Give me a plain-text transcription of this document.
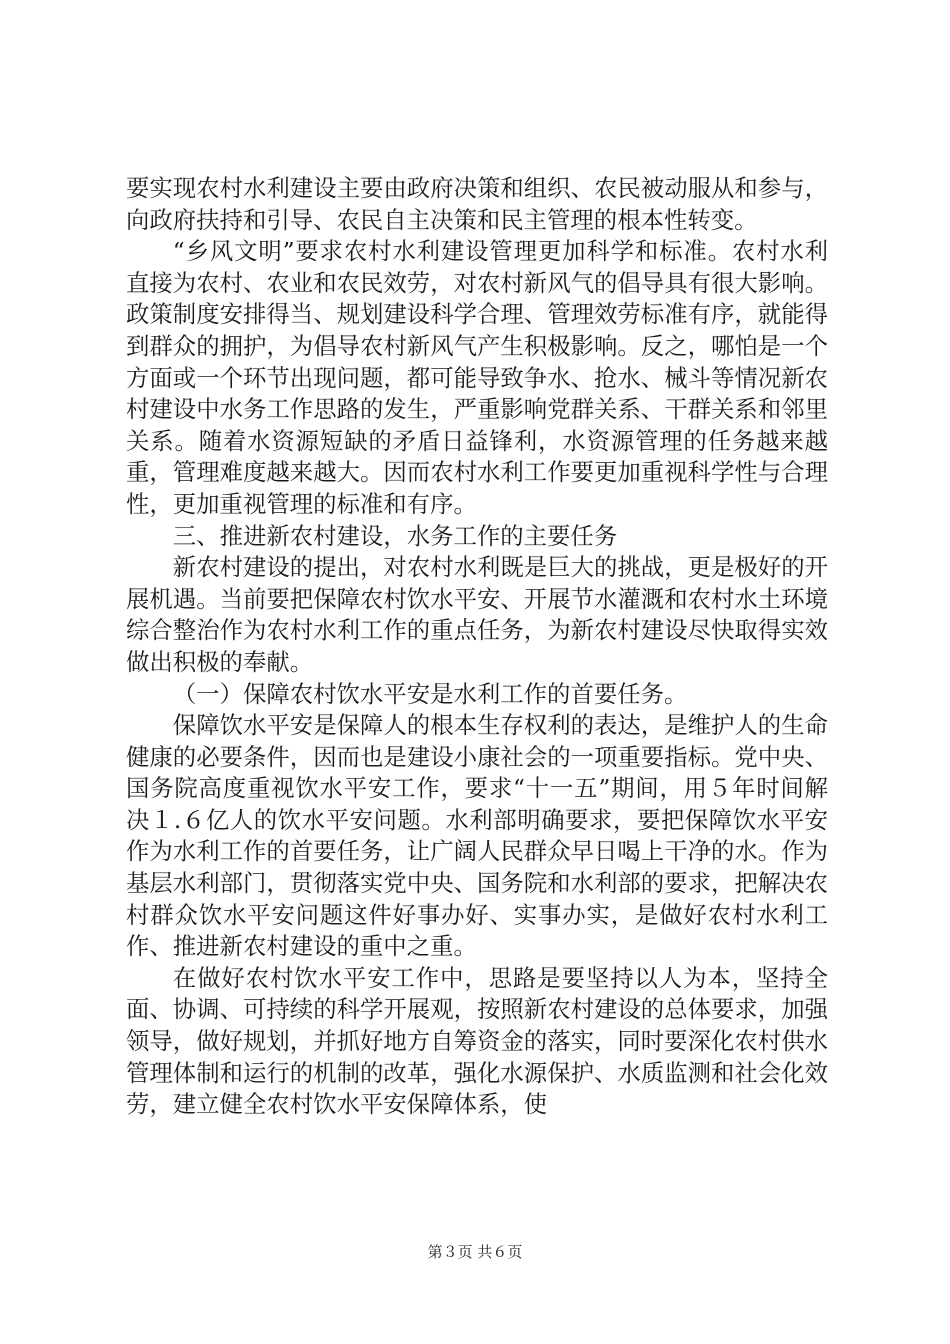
要实现农村水利建设主要由政府决策和组织、农民被动服从和参与，向政府扶持和引导、农民自主决策和民主管理的根本性转变。

“乡风文明”要求农村水利建设管理更加科学和标准。农村水利直接为农村、农业和农民效劳，对农村新风气的倡导具有很大影响。政策制度安排得当、规划建设科学合理、管理效劳标准有序，就能得到群众的拥护，为倡导农村新风气产生积极影响。反之，哪怕是一个方面或一个环节出现问题，都可能导致争水、抢水、械斗等情况新农村建设中水务工作思路的发生，严重影响党群关系、干群关系和邻里关系。随着水资源短缺的矛盾日益锋利，水资源管理的任务越来越重，管理难度越来越大。因而农村水利工作要更加重视科学性与合理性，更加重视管理的标准和有序。

三、推进新农村建设，水务工作的主要任务

新农村建设的提出，对农村水利既是巨大的挑战，更是极好的开展机遇。当前要把保障农村饮水平安、开展节水灌溉和农村水土环境综合整治作为农村水利工作的重点任务，为新农村建设尽快取得实效做出积极的奉献。

（一）保障农村饮水平安是水利工作的首要任务。

保障饮水平安是保障人的根本生存权利的表达，是维护人的生命健康的必要条件，因而也是建设小康社会的一项重要指标。党中央、国务院高度重视饮水平安工作，要求“十一五”期间，用５年时间解决１.６亿人的饮水平安问题。水利部明确要求，要把保障饮水平安作为水利工作的首要任务，让广阔人民群众早日喝上干净的水。作为基层水利部门，贯彻落实党中央、国务院和水利部的要求，把解决农村群众饮水平安问题这件好事办好、实事办实，是做好农村水利工作、推进新农村建设的重中之重。

在做好农村饮水平安工作中，思路是要坚持以人为本，坚持全面、协调、可持续的科学开展观，按照新农村建设的总体要求，加强领导，做好规划，并抓好地方自筹资金的落实，同时要深化农村供水管理体制和运行的机制的改革，强化水源保护、水质监测和社会化效劳，建立健全农村饮水平安保障体系，使

第３页 共６页
